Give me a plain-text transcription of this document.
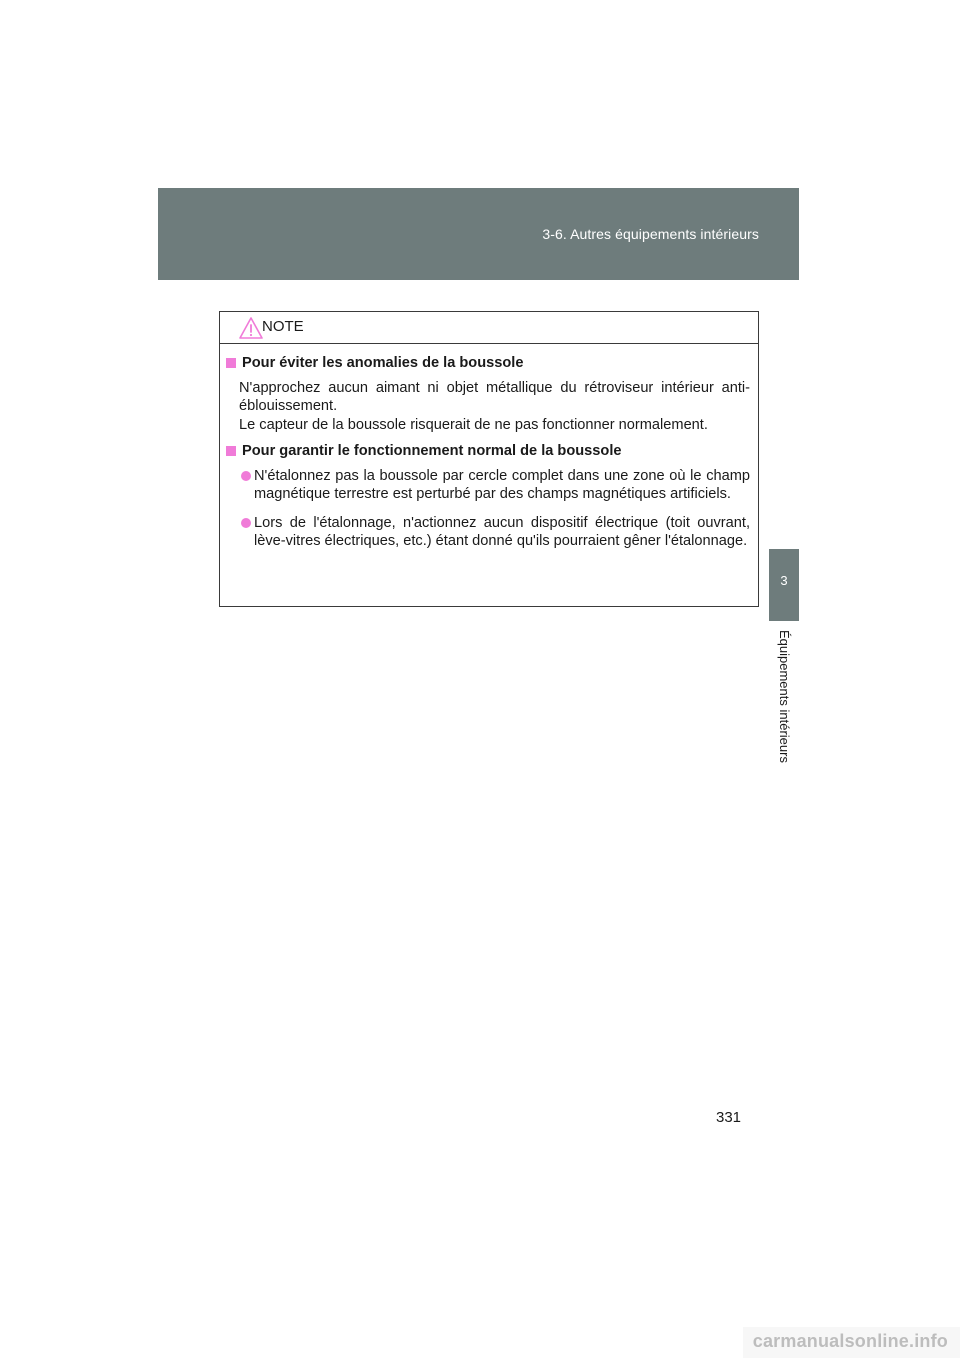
3-6. Autres équipements intérieurs
3
Équipements intérieurs
NOTE
Pour éviter les anomalies de la boussole
N'approchez aucun aimant ni objet métallique du rétroviseur intérieur anti-éblouissement.
Le capteur de la boussole risquerait de ne pas fonctionner normalement.
Pour garantir le fonctionnement normal de la boussole
N'étalonnez pas la boussole par cercle complet dans une zone où le champ magnétique terrestre est perturbé par des champs magnétiques artificiels.
Lors de l'étalonnage, n'actionnez aucun dispositif électrique (toit ouvrant, lève-vitres électriques, etc.) étant donné qu'ils pourraient gêner l'étalonnage.
331
carmanualsonline.info
